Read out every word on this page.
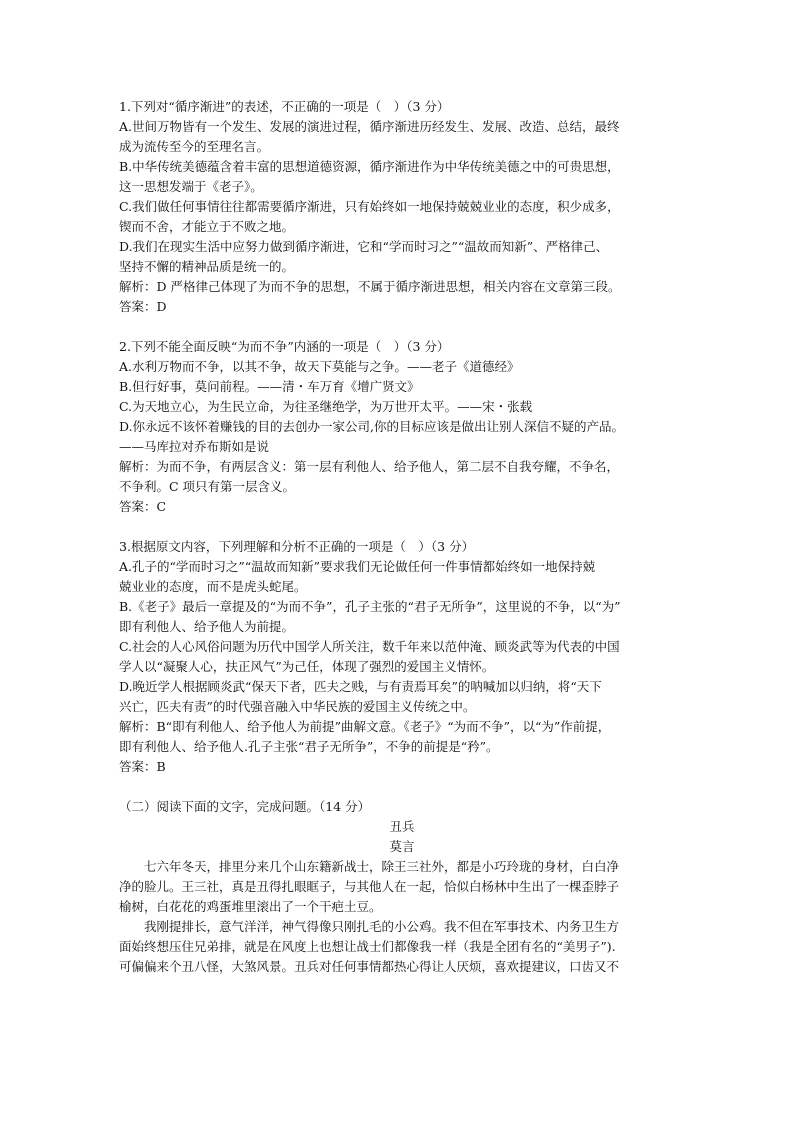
1.下列对“循序渐进”的表述，不正确的一项是（　）（3 分）
A.世间万物皆有一个发生、发展的演进过程，循序渐进历经发生、发展、改造、总结，最终
成为流传至今的至理名言。
B.中华传统美德蕴含着丰富的思想道德资源，循序渐进作为中华传统美德之中的可贵思想，
这一思想发端于《老子》。
C.我们做任何事情往往都需要循序渐进，只有始终如一地保持兢兢业业的态度，积少成多，
锲而不舍，才能立于不败之地。
D.我们在现实生活中应努力做到循序渐进，它和“学而时习之”“温故而知新”、严格律己、
坚持不懈的精神品质是统一的。
解析：D 严格律己体现了为而不争的思想，不属于循序渐进思想，相关内容在文章第三段。
答案：D
2.下列不能全面反映“为而不争”内涵的一项是（　）（3 分）
A.水利万物而不争，以其不争，故天下莫能与之争。——老子《道德经》
B.但行好事，莫问前程。——清・车万育《增广贤文》
C.为天地立心，为生民立命，为往圣继绝学，为万世开太平。——宋・张载
D.你永远不该怀着赚钱的目的去创办一家公司,你的目标应该是做出让别人深信不疑的产品。
——马库拉对乔布斯如是说
解析：为而不争，有两层含义：第一层有利他人、给予他人，第二层不自我夸耀，不争名，
不争利。C 项只有第一层含义。
答案：C
3.根据原文内容，下列理解和分析不正确的一项是（　）（3 分）
A.孔子的“学而时习之”“温故而知新”要求我们无论做任何一件事情都始终如一地保持兢
兢业业的态度，而不是虎头蛇尾。
B.《老子》最后一章提及的“为而不争”，孔子主张的“君子无所争”，这里说的不争，以“为”
即有利他人、给予他人为前提。
C.社会的人心风俗问题为历代中国学人所关注，数千年来以范仲淹、顾炎武等为代表的中国
学人以“凝聚人心，扶正风气”为己任，体现了强烈的爱国主义情怀。
D.晚近学人根据顾炎武“保天下者，匹夫之贱，与有责焉耳矣”的呐喊加以归纳，将“天下
兴亡，匹夫有责”的时代强音融入中华民族的爱国主义传统之中。
解析：B“即有利他人、给予他人为前提”曲解文意。《老子》“为而不争”，以“为”作前提，
即有利他人、给予他人.孔子主张“君子无所争”，不争的前提是“矜”。
答案：B
（二）阅读下面的文字，完成问题。（14 分）
丑兵
莫言
七六年冬天，排里分来几个山东籍新战士，除王三社外，都是小巧玲珑的身材，白白净
净的脸儿。王三社，真是丑得扎眼眶子，与其他人在一起，恰似白杨林中生出了一棵歪脖子
榆树，白花花的鸡蛋堆里滚出了一个干疤土豆。
我刚提排长，意气洋洋，神气得像只刚扎毛的小公鸡。我不但在军事技术、内务卫生方
面始终想压住兄弟排，就是在风度上也想让战士们都像我一样（我是全团有名的“美男子”).
可偏偏来个丑八怪，大煞风景。丑兵对任何事情都热心得让人厌烦，喜欢提建议，口齿又不
